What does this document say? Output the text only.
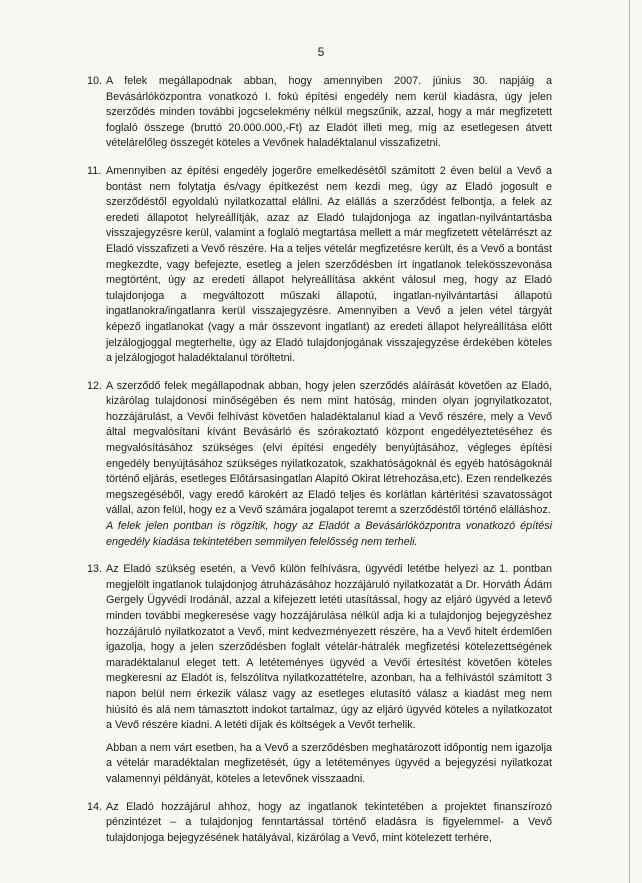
5
10. A felek megállapodnak abban, hogy amennyiben 2007. június 30. napjáig a Bevásárlóközpontra vonatkozó I. fokú építési engedély nem kerül kiadásra, úgy jelen szerződés minden további jogcselekmény nélkül megszűnik, azzal, hogy a már megfizetett foglaló összege (bruttó 20.000.000,-Ft) az Eladót illeti meg, míg az esetlegesen átvett vételárelőleg összegét köteles a Vevőnek haladéktalanul visszafizetni.

11. Amennyiben az építési engedély jogerőre emelkedésétől számított 2 éven belül a Vevő a bontást nem folytatja és/vagy építkezést nem kezdi meg, úgy az Eladó jogosult e szerződéstől egyoldalú nyilatkozattal elállni. Az elállás a szerződést felbontja, a felek az eredeti állapotot helyreállítják, azaz az Eladó tulajdonjoga az ingatlan-nyilvántartásba visszajegyzésre kerül, valamint a foglaló megtartása mellett a már megfizetett vételárrészt az Eladó visszafizeti a Vevő részére. Ha a teljes vételár megfizetésre került, és a Vevő a bontást megkezdte, vagy befejezte, esetleg a jelen szerződésben írt ingatlanok telekösszevonása megtörtént, úgy az eredeti állapot helyreállítása akként válosul meg, hogy az Eladó tulajdonjoga a megváltozott műszaki állapotú, ingatlan-nyilvántartási állapotú ingatlanokra/ingatlanra kerül visszajegyzésre. Amennyiben a Vevő a jelen vétel tárgyát képező ingatlanokat (vagy a már összevont ingatlant) az eredeti állapot helyreállítása előtt jelzálogjoggal megterhelte, úgy az Eladó tulajdonjogának visszajegyzése érdekében köteles a jelzálogjogot haladéktalanul töröltetni.

12. A szerződő felek megállapodnak abban, hogy jelen szerződés aláírását követően az Eladó, kizárólag tulajdonosi minőségében és nem mint hatóság, minden olyan jognyilatkozatot, hozzájárulást, a Vevői felhívást követően haladéktalanul kiad a Vevő részére, mely a Vevő által megvalósítani kívánt Bevásárló és szórakoztató központ engedélyeztetéséhez és megvalósításához szükséges (elvi építési engedély benyújtásához, végleges építési engedély benyújtásához szükséges nyilatkozatok, szakhatóságoknál és egyéb hatóságoknál történő eljárás, esetleges Előtársasingatlan Alapító Okirat létrehozása,etc). Ezen rendelkezés megszegéséből, vagy eredő károkért az Eladó teljes és korlátlan kártérítési szavatosságot vállal, azon felül, hogy ez a Vevő számára jogalapot teremt a szerződéstől történő elálláshoz.

A felek jelen pontban is rögzítik, hogy az Eladót a Bevásárlóközpontra vonatkozó építési engedély kiadása tekintetében semmilyen felelősség nem terheli.

13. Az Eladó szükség esetén, a Vevő külön felhívásra, ügyvédi letétbe helyezi az 1. pontban megjelölt ingatlanok tulajdonjog átruházásához hozzájáruló nyilatkozatát a Dr. Horváth Ádám Gergely Ügyvédi Irodánál, azzal a kifejezett letéti utasítással, hogy az eljáró ügyvéd a letevő minden további megkeresése vagy hozzájárulása nélkül adja ki a tulajdonjog bejegyzéshez hozzájáruló nyilatkozatot a Vevő, mint kedvezményezett részére, ha a Vevő hitelt érdemlően igazolja, hogy a jelen szerződésben foglalt vételár-hátralék megfizetési kötelezettségének maradéktalanul eleget tett. A letéteményes ügyvéd a Vevői értesítést követően köteles megkeresni az Eladót is, felszólítva nyilatkozattételre, azonban, ha a felhívástól számított 3 napon belül nem érkezik válasz vagy az esetleges elutasító válasz a kiadást meg nem hiúsító és alá nem támasztott indokot tartalmaz, úgy az eljáró ügyvéd köteles a nyilatkozatot a Vevő részére kiadni. A letéti díjak és költségek a Vevőt terhelik.

Abban a nem várt esetben, ha a Vevő a szerződésben meghatározott időpontig nem igazolja a vételár maradéktalan megfizetését, úgy a letéteményes ügyvéd a bejegyzési nyilatkozat valamennyi példányát, köteles a letevőnek visszaadni.

14. Az Eladó hozzájárul ahhoz, hogy az ingatlanok tekintetében a projektet finanszírozó pénzintézet – a tulajdonjog fenntartással történő eladásra is figyelemmel- a Vevő tulajdonjoga bejegyzésének hatályával, kizárólag a Vevő, mint kötelezett terhére,
